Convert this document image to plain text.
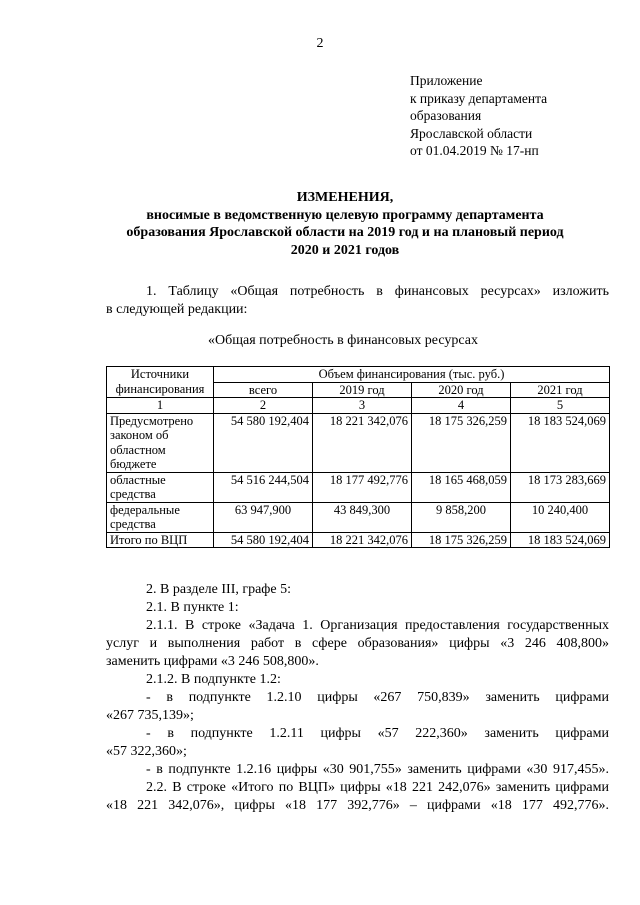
2
Приложение
к приказу департамента
образования
Ярославской области
от 01.04.2019 № 17-нп
ИЗМЕНЕНИЯ,
вносимые в ведомственную целевую программу департамента
образования Ярославской области на 2019 год и на плановый период
2020 и 2021 годов
1. Таблицу «Общая потребность в финансовых ресурсах» изложить
в следующей редакции:
«Общая потребность в финансовых ресурсах
Источники финансирования	Объем финансирования (тыс. руб.)			
	всего	2019 год	2020 год	2021 год
1	2	3	4	5
Предусмотрено законом об областном бюджете	54 580 192,404	18 221 342,076	18 175 326,259	18 183 524,069
областные средства	54 516 244,504	18 177 492,776	18 165 468,059	18 173 283,669
федеральные средства	63 947,900	43 849,300	9 858,200	10 240,400
Итого по ВЦП	54 580 192,404	18 221 342,076	18 175 326,259	18 183 524,069
2. В разделе III, графе 5:
2.1. В пункте 1:
2.1.1. В строке «Задача 1. Организация предоставления государственных
услуг и выполнения работ в сфере образования» цифры «3 246 408,800»
заменить цифрами «3 246 508,800».
2.1.2. В подпункте 1.2:
- в подпункте 1.2.10 цифры «267 750,839» заменить цифрами
«267 735,139»;
- в подпункте 1.2.11 цифры «57 222,360» заменить цифрами
«57 322,360»;
- в подпункте 1.2.16 цифры «30 901,755» заменить цифрами «30 917,455».
2.2. В строке «Итого по ВЦП» цифры «18 221 242,076» заменить цифрами
«18 221 342,076», цифры «18 177 392,776» – цифрами «18 177 492,776».
